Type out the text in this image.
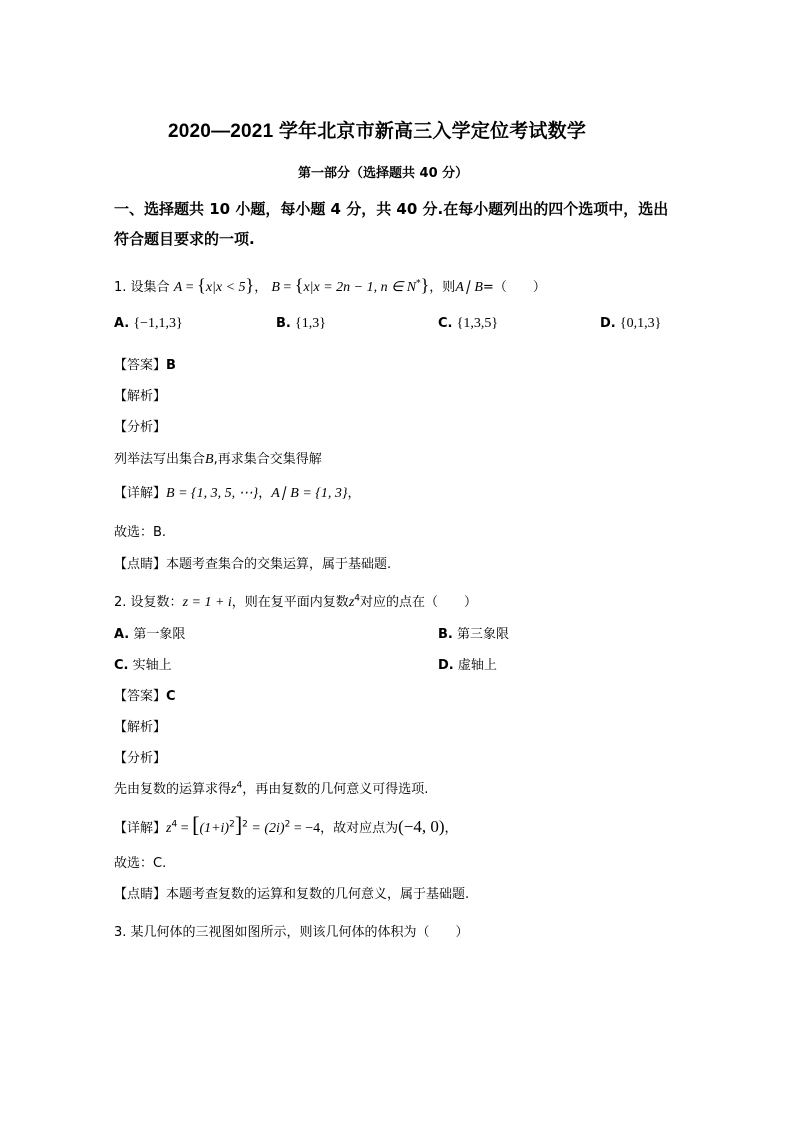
2020—2021 学年北京市新高三入学定位考试数学
第一部分（选择题共 40 分）
一、选择题共 10 小题，每小题 4 分，共 40 分.在每小题列出的四个选项中，选出
符合题目要求的一项.
1. 设集合 A = {x|x < 5}， B = {x|x = 2n − 1, n ∈ N*}，则A∣ B=（　　）
A. {−1,1,3}	B. {1,3}	C. {1,3,5}	D. {0,1,3}
【答案】B
【解析】
【分析】
列举法写出集合B,再求集合交集得解
【详解】B = {1, 3, 5, ⋯}，A∣ B = {1, 3}，
故选：B.
【点睛】本题考查集合的交集运算，属于基础题.
2. 设复数：z = 1 + i，则在复平面内复数$z^4$对应的点在（　　）
A. 第一象限	B. 第三象限
C. 实轴上	D. 虚轴上
【答案】C
【解析】
【分析】
先由复数的运算求得$z^4$，再由复数的几何意义可得选项.
【详解】$z^4 = [(1+i)^2]^2 = (2i)^2 = -4$，故对应点为(−4, 0)，
故选：C.
【点睛】本题考查复数的运算和复数的几何意义，属于基础题.
3. 某几何体的三视图如图所示，则该几何体的体积为（　　）
